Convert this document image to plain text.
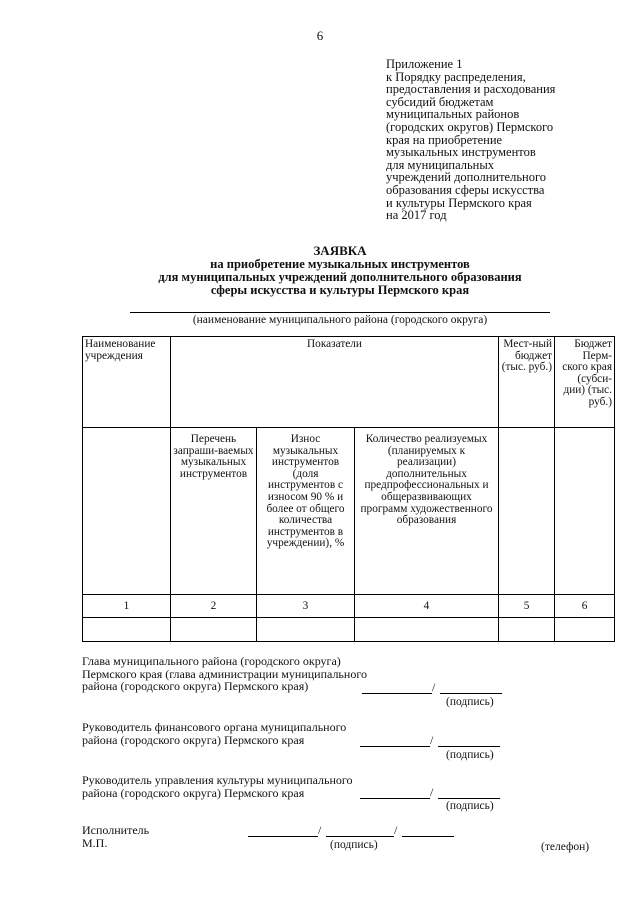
6
Приложение 1
к Порядку распределения,
предоставления и расходования
субсидий бюджетам
муниципальных районов
(городских округов) Пермского
края на приобретение
музыкальных инструментов
для муниципальных
учреждений дополнительного
образования сферы искусства
и культуры Пермского края
на 2017 год
ЗАЯВКА
на приобретение музыкальных инструментов
для муниципальных учреждений дополнительного образования
сферы искусства и культуры Пермского края
(наименование муниципального района (городского округа)
Наименование учреждения	Показатели			Мест-ный бюджет (тыс. руб.)	Бюджет Перм-ского края (субси-дии) (тыс. руб.)
	Перечень запраши-ваемых музыкальных инструментов	Износ музыкальных инструментов (доля инструментов с износом 90 % и более от общего количества инструментов в учреждении), %	Количество реализуемых (планируемых к реализации) дополнительных предпрофессиональных и общеразвивающих программ художественного образования		
1	2	3	4	5	6

Глава муниципального района (городского округа)
Пермского края (глава администрации муниципального
района (городского округа) Пермского края)	/
(подпись)
Руководитель финансового органа муниципального
района (городского округа) Пермского края	/
(подпись)
Руководитель управления культуры муниципального
района (городского округа) Пермского края	/
(подпись)
Исполнитель
М.П.
/	/
(подпись)	(телефон)
